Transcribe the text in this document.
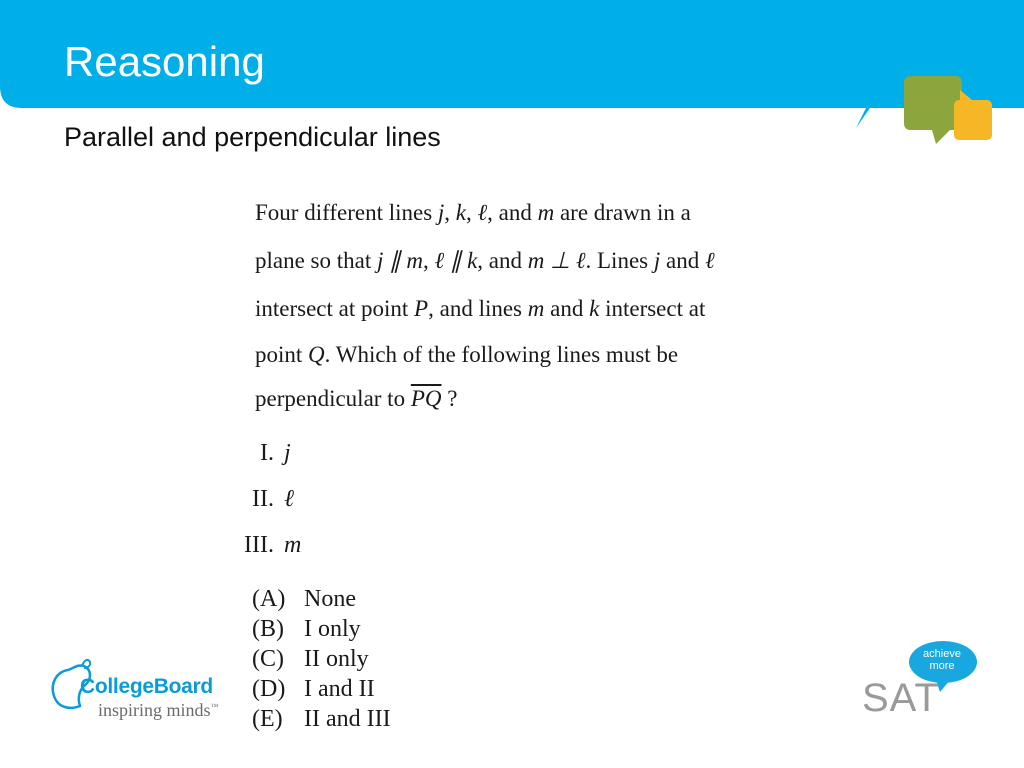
Reasoning
Parallel and perpendicular lines
Four different lines j, k, ℓ, and m are drawn in a
plane so that j ∥ m, ℓ ∥ k, and m ⊥ ℓ. Lines j and ℓ
intersect at point P, and lines m and k intersect at
point Q. Which of the following lines must be
perpendicular to $\overline{PQ}$ ?
I. j
II. ℓ
III. m
(A) None
(B) I only
(C) II only
(D) I and II
(E) II and III
CollegeBoard
inspiring minds™
achieve
more
SAT
